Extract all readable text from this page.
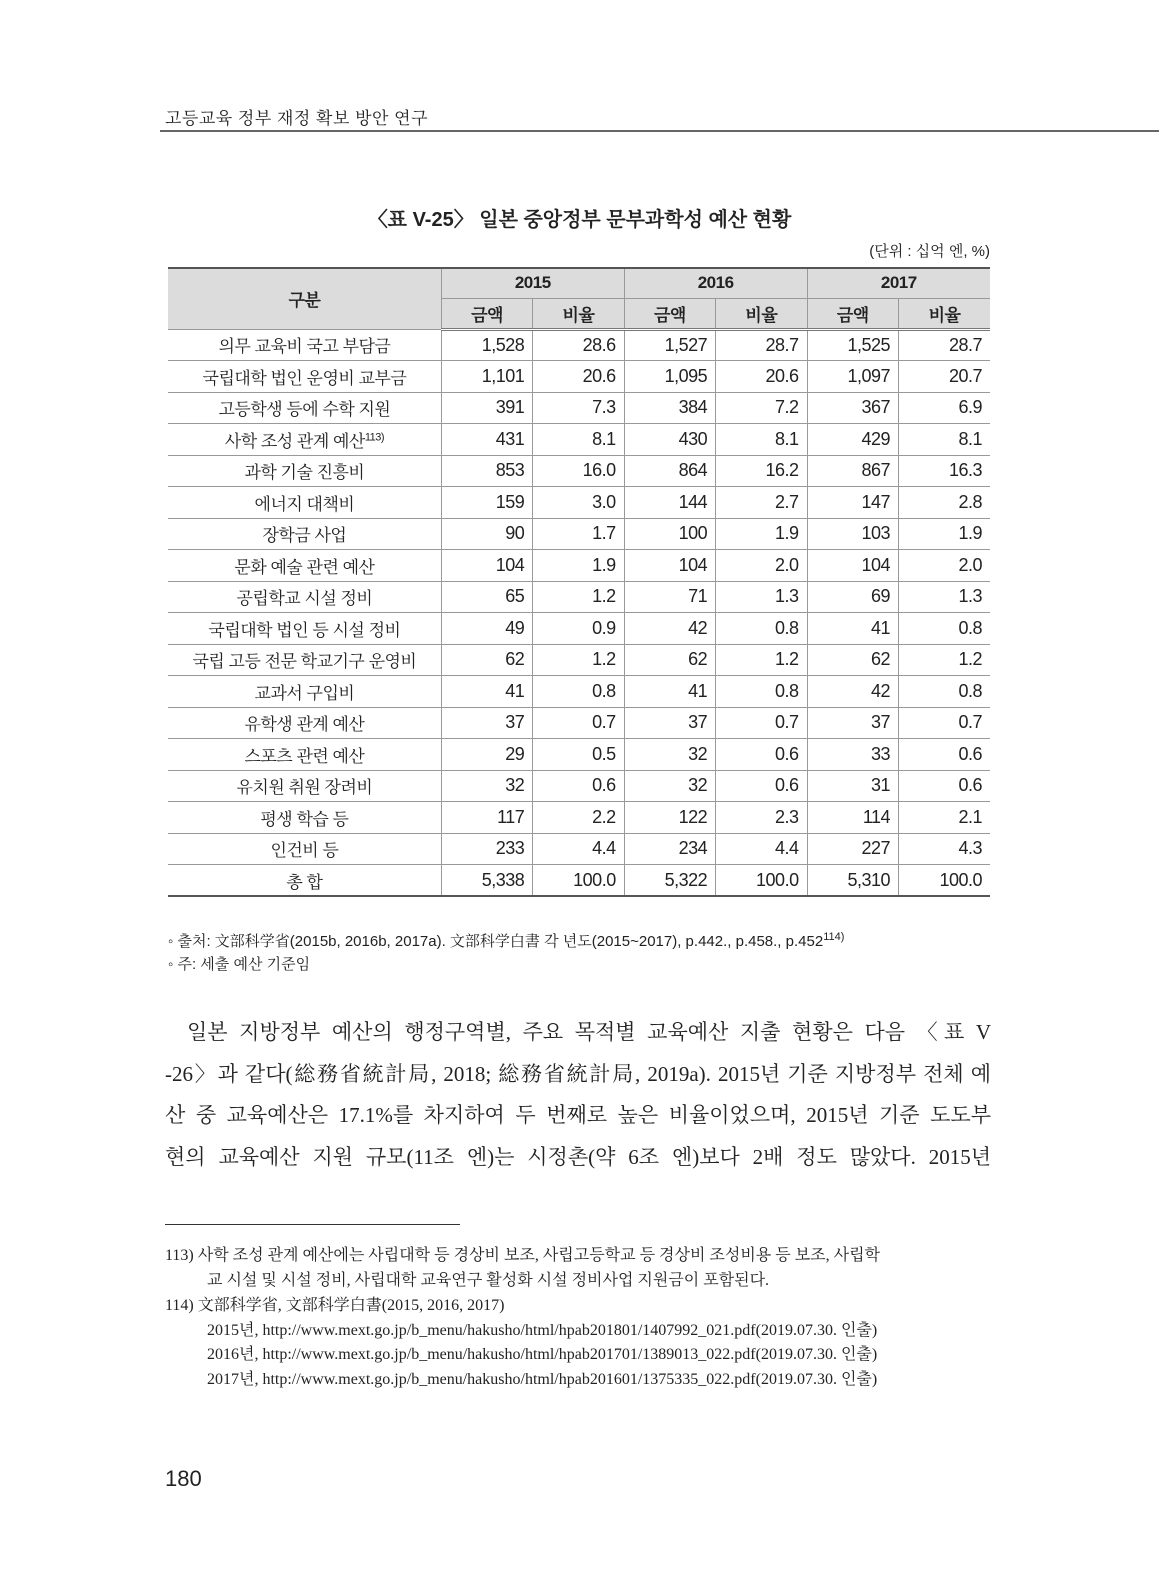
고등교육 정부 재정 확보 방안 연구
〈표 V-25〉 일본 중앙정부 문부과학성 예산 현황
(단위 : 십억 엔, %)
구분	2015		2016		2017	
	금액	비율	금액	비율	금액	비율
의무 교육비 국고 부담금	1,528	28.6	1,527	28.7	1,525	28.7
국립대학 법인 운영비 교부금	1,101	20.6	1,095	20.6	1,097	20.7
고등학생 등에 수학 지원	391	7.3	384	7.2	367	6.9
사학 조성 관계 예산$^{113)}$	431	8.1	430	8.1	429	8.1
과학 기술 진흥비	853	16.0	864	16.2	867	16.3
에너지 대책비	159	3.0	144	2.7	147	2.8
장학금 사업	90	1.7	100	1.9	103	1.9
문화 예술 관련 예산	104	1.9	104	2.0	104	2.0
공립학교 시설 정비	65	1.2	71	1.3	69	1.3
국립대학 법인 등 시설 정비	49	0.9	42	0.8	41	0.8
국립 고등 전문 학교기구 운영비	62	1.2	62	1.2	62	1.2
교과서 구입비	41	0.8	41	0.8	42	0.8
유학생 관계 예산	37	0.7	37	0.7	37	0.7
스포츠 관련 예산	29	0.5	32	0.6	33	0.6
유치원 취원 장려비	32	0.6	32	0.6	31	0.6
평생 학습 등	117	2.2	122	2.3	114	2.1
인건비 등	233	4.4	234	4.4	227	4.3
총 합	5,338	100.0	5,322	100.0	5,310	100.0
◦ 출처: 文部科学省(2015b, 2016b, 2017a). 文部科学白書 각 년도(2015~2017), p.442., p.458., p.452$^{114)}$
◦ 주: 세출 예산 기준임
일본 지방정부 예산의 행정구역별, 주요 목적별 교육예산 지출 현황은 다음 〈표 V
-26〉과 같다(総務省統計局, 2018; 総務省統計局, 2019a). 2015년 기준 지방정부 전체 예
산 중 교육예산은 17.1%를 차지하여 두 번째로 높은 비율이었으며, 2015년 기준 도도부
현의 교육예산 지원 규모(11조 엔)는 시정촌(약 6조 엔)보다 2배 정도 많았다. 2015년
113) 사학 조성 관계 예산에는 사립대학 등 경상비 보조, 사립고등학교 등 경상비 조성비용 등 보조, 사립학
교 시설 및 시설 정비, 사립대학 교육연구 활성화 시설 정비사업 지원금이 포함된다.
114) 文部科学省, 文部科学白書(2015, 2016, 2017)
2015년, http://www.mext.go.jp/b_menu/hakusho/html/hpab201801/1407992_021.pdf(2019.07.30. 인출)
2016년, http://www.mext.go.jp/b_menu/hakusho/html/hpab201701/1389013_022.pdf(2019.07.30. 인출)
2017년, http://www.mext.go.jp/b_menu/hakusho/html/hpab201601/1375335_022.pdf(2019.07.30. 인출)
180
